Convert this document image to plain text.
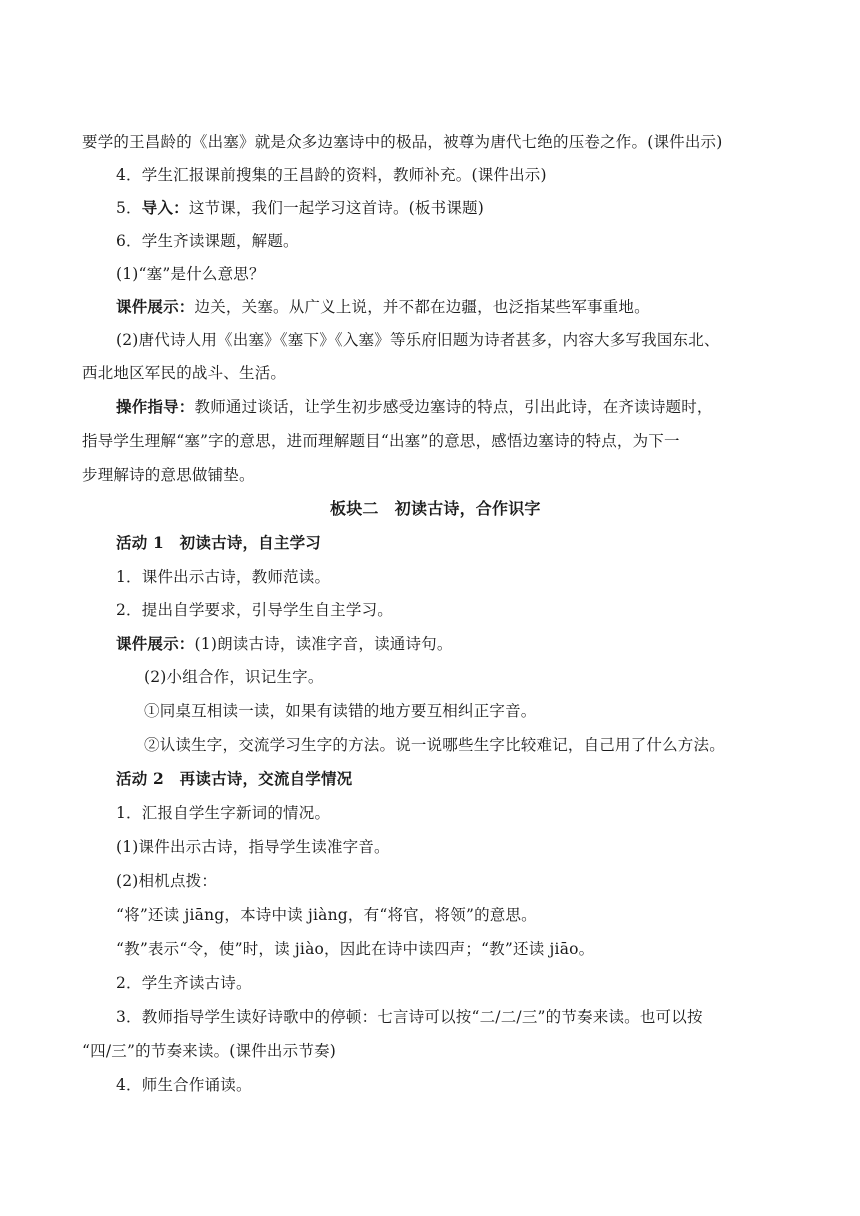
要学的王昌龄的《出塞》就是众多边塞诗中的极品，被尊为唐代七绝的压卷之作。(课件出示)
4．学生汇报课前搜集的王昌龄的资料，教师补充。(课件出示)
5．导入：这节课，我们一起学习这首诗。(板书课题)
6．学生齐读课题，解题。
(1)“塞”是什么意思？
课件展示：边关，关塞。从广义上说，并不都在边疆，也泛指某些军事重地。
(2)唐代诗人用《出塞》《塞下》《入塞》等乐府旧题为诗者甚多，内容大多写我国东北、
西北地区军民的战斗、生活。
操作指导：教师通过谈话，让学生初步感受边塞诗的特点，引出此诗，在齐读诗题时，
指导学生理解“塞”字的意思，进而理解题目“出塞”的意思，感悟边塞诗的特点，为下一
步理解诗的意思做铺垫。
板块二　初读古诗，合作识字
活动 1　初读古诗，自主学习
1．课件出示古诗，教师范读。
2．提出自学要求，引导学生自主学习。
课件展示：(1)朗读古诗，读准字音，读通诗句。
(2)小组合作，识记生字。
①同桌互相读一读，如果有读错的地方要互相纠正字音。
②认读生字，交流学习生字的方法。说一说哪些生字比较难记，自己用了什么方法。
活动 2　再读古诗，交流自学情况
1．汇报自学生字新词的情况。
(1)课件出示古诗，指导学生读准字音。
(2)相机点拨：
“将”还读 jiāng，本诗中读 jiàng，有“将官，将领”的意思。
“教”表示“令，使”时，读 jiào，因此在诗中读四声；“教”还读 jiāo。
2．学生齐读古诗。
3．教师指导学生读好诗歌中的停顿：七言诗可以按“二/二/三”的节奏来读。也可以按
“四/三”的节奏来读。(课件出示节奏)
4．师生合作诵读。
